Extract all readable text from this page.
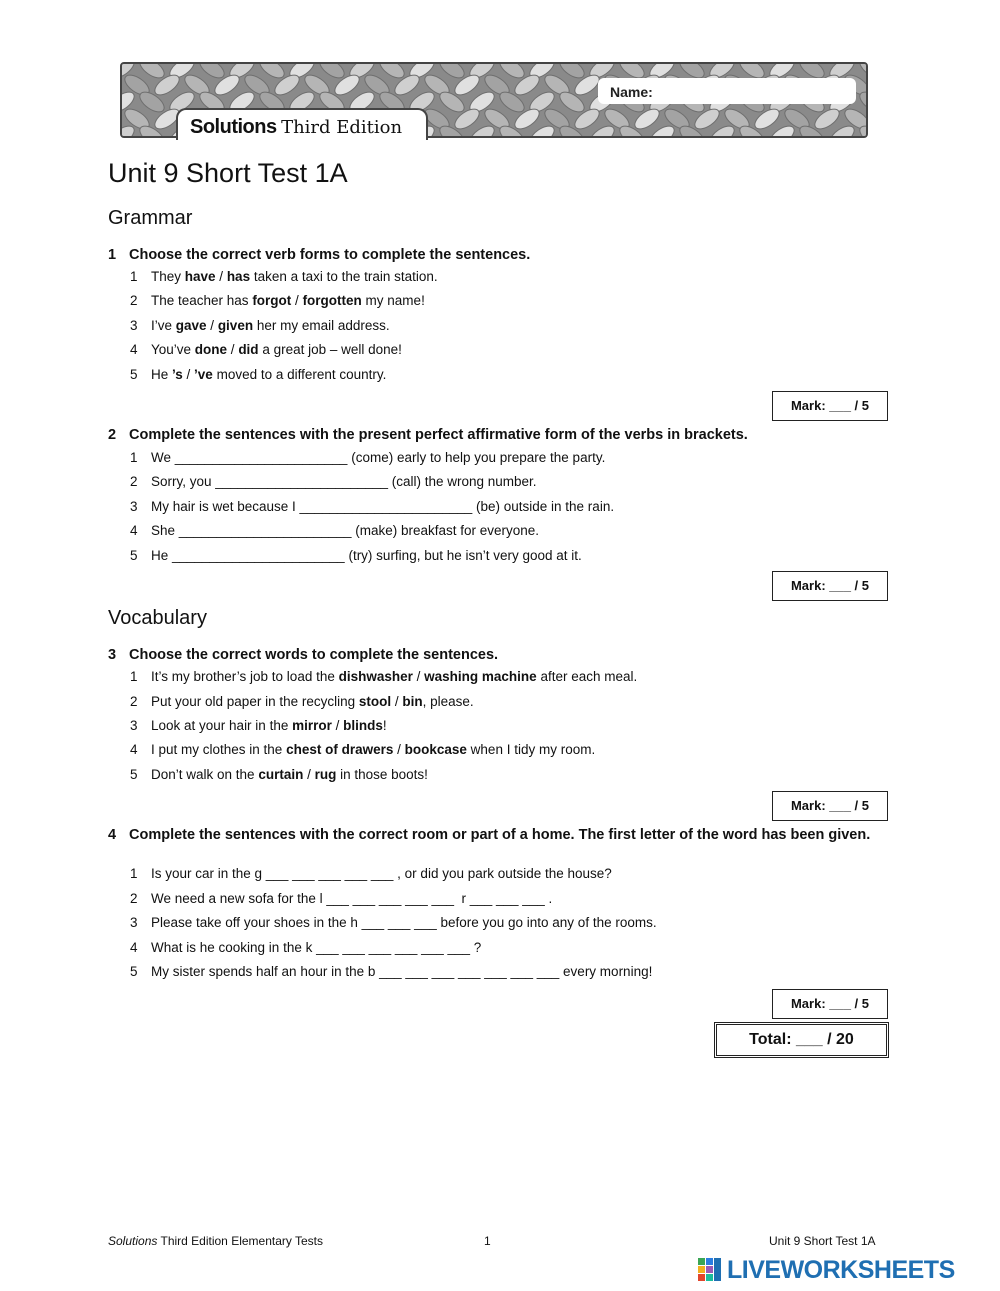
Name:
Solutions Third Edition
Unit 9 Short Test 1A
Grammar
1 Choose the correct verb forms to complete the sentences.
1 They have / has taken a taxi to the train station.
2 The teacher has forgot / forgotten my name!
3 I’ve gave / given her my email address.
4 You’ve done / did a great job – well done!
5 He ’s / ’ve moved to a different country.
Mark: ___ / 5
2 Complete the sentences with the present perfect affirmative form of the verbs in brackets.
1 We _______________________ (come) early to help you prepare the party.
2 Sorry, you _______________________ (call) the wrong number.
3 My hair is wet because I _______________________ (be) outside in the rain.
4 She _______________________ (make) breakfast for everyone.
5 He _______________________ (try) surfing, but he isn’t very good at it.
Mark: ___ / 5
Vocabulary
3 Choose the correct words to complete the sentences.
1 It’s my brother’s job to load the dishwasher / washing machine after each meal.
2 Put your old paper in the recycling stool / bin, please.
3 Look at your hair in the mirror / blinds!
4 I put my clothes in the chest of drawers / bookcase when I tidy my room.
5 Don’t walk on the curtain / rug in those boots!
Mark: ___ / 5
4 Complete the sentences with the correct room or part of a home. The first letter of the word has been given.
1 Is your car in the g ___ ___ ___ ___ ___ , or did you park outside the house?
2 We need a new sofa for the l ___ ___ ___ ___ ___  r ___ ___ ___ .
3 Please take off your shoes in the h ___ ___ ___ before you go into any of the rooms.
4 What is he cooking in the k ___ ___ ___ ___ ___ ___ ?
5 My sister spends half an hour in the b ___ ___ ___ ___ ___ ___ ___ every morning!
Mark: ___ / 5
Total: ___ / 20
Solutions Third Edition Elementary Tests	1	Unit 9 Short Test 1A
LIVEWORKSHEETS
